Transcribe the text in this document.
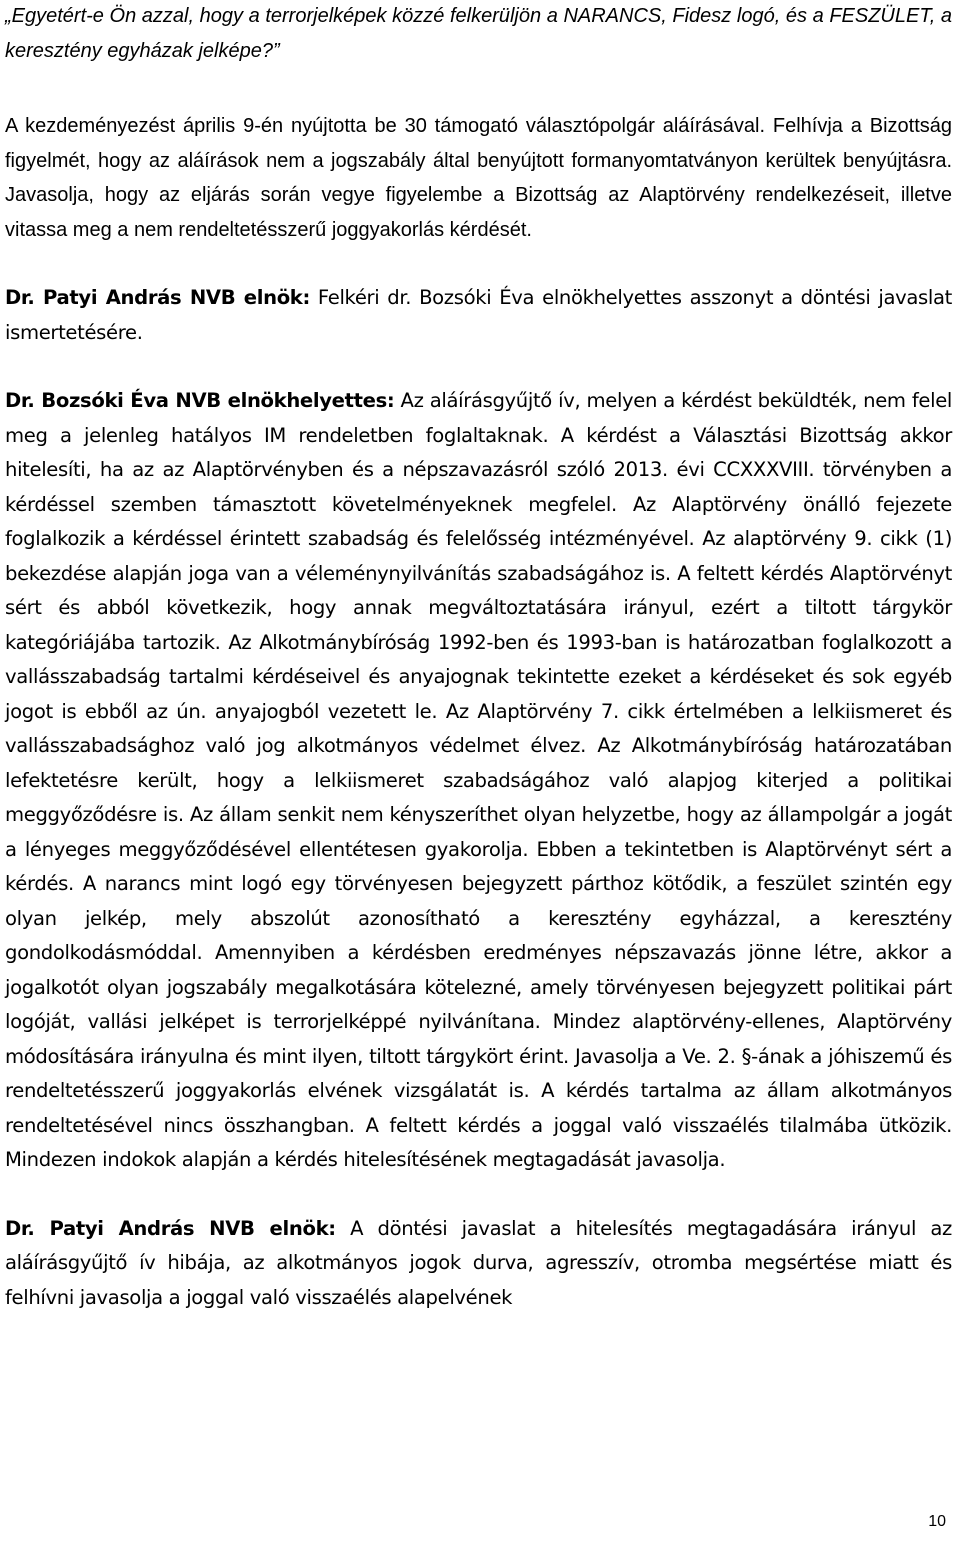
„Egyetért-e Ön azzal, hogy a terrorjelképek közzé felkerüljön a NARANCS, Fidesz logó, és a FESZÜLET, a keresztény egyházak jelképe?”

A kezdeményezést április 9-én nyújtotta be 30 támogató választópolgár aláírásával. Felhívja a Bizottság figyelmét, hogy az aláírások nem a jogszabály által benyújtott formanyomtatványon kerültek benyújtásra. Javasolja, hogy az eljárás során vegye figyelembe a Bizottság az Alaptörvény rendelkezéseit, illetve vitassa meg a nem rendeltetésszerű joggyakorlás kérdését.

Dr. Patyi András NVB elnök: Felkéri dr. Bozsóki Éva elnökhelyettes asszonyt a döntési javaslat ismertetésére.

Dr. Bozsóki Éva NVB elnökhelyettes: Az aláírásgyűjtő ív, melyen a kérdést beküldték, nem felel meg a jelenleg hatályos IM rendeletben foglaltaknak. A kérdést a Választási Bizottság akkor hitelesíti, ha az az Alaptörvényben és a népszavazásról szóló 2013. évi CCXXXVIII. törvényben a kérdéssel szemben támasztott követelményeknek megfelel. Az Alaptörvény önálló fejezete foglalkozik a kérdéssel érintett szabadság és felelősség intézményével. Az alaptörvény 9. cikk (1) bekezdése alapján joga van a véleménynyilvánítás szabadságához is. A feltett kérdés Alaptörvényt sért és abból következik, hogy annak megváltoztatására irányul, ezért a tiltott tárgykör kategóriájába tartozik. Az Alkotmánybíróság 1992-ben és 1993-ban is határozatban foglalkozott a vallásszabadság tartalmi kérdéseivel és anyajognak tekintette ezeket a kérdéseket és sok egyéb jogot is ebből az ún. anyajogból vezetett le. Az Alaptörvény 7. cikk értelmében a lelkiismeret és vallásszabadsághoz való jog alkotmányos védelmet élvez. Az Alkotmánybíróság határozatában lefektetésre került, hogy a lelkiismeret szabadságához való alapjog kiterjed a politikai meggyőződésre is. Az állam senkit nem kényszeríthet olyan helyzetbe, hogy az állampolgár a jogát a lényeges meggyőződésével ellentétesen gyakorolja. Ebben a tekintetben is Alaptörvényt sért a kérdés. A narancs mint logó egy törvényesen bejegyzett párthoz kötődik, a feszület szintén egy olyan jelkép, mely abszolút azonosítható a keresztény egyházzal, a keresztény gondolkodásmóddal. Amennyiben a kérdésben eredményes népszavazás jönne létre, akkor a jogalkotót olyan jogszabály megalkotására kötelezné, amely törvényesen bejegyzett politikai párt logóját, vallási jelképet is terrorjelképpé nyilvánítana. Mindez alaptörvény-ellenes, Alaptörvény módosítására irányulna és mint ilyen, tiltott tárgykört érint. Javasolja a Ve. 2. §-ának a jóhiszemű és rendeltetésszerű joggyakorlás elvének vizsgálatát is. A kérdés tartalma az állam alkotmányos rendeltetésével nincs összhangban. A feltett kérdés a joggal való visszaélés tilalmába ütközik. Mindezen indokok alapján a kérdés hitelesítésének megtagadását javasolja.

Dr. Patyi András NVB elnök: A döntési javaslat a hitelesítés megtagadására irányul az aláírásgyűjtő ív hibája, az alkotmányos jogok durva, agresszív, otromba megsértése miatt és felhívni javasolja a joggal való visszaélés alapelvének

10
